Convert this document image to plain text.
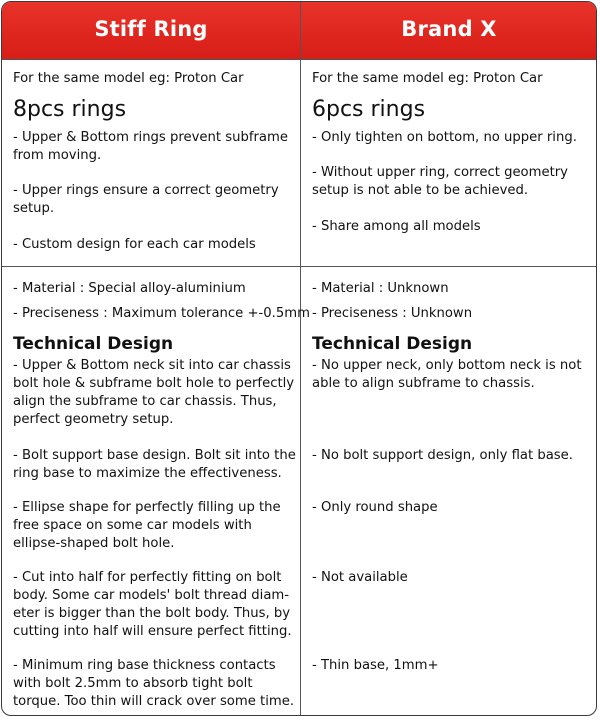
Stiff Ring	Brand X
For the same model eg: Proton Car
8pcs rings
- Upper & Bottom rings prevent subframe
from moving.
- Upper rings ensure a correct geometry
setup.
- Custom design for each car models
For the same model eg: Proton Car
6pcs rings
- Only tighten on bottom, no upper ring.
- Without upper ring, correct geometry
setup is not able to be achieved.
- Share among all models
- Material : Special alloy-aluminium
- Preciseness : Maximum tolerance +-0.5mm
Technical Design
- Upper & Bottom neck sit into car chassis
bolt hole & subframe bolt hole to perfectly
align the subframe to car chassis. Thus,
perfect geometry setup.
- Bolt support base design. Bolt sit into the
ring base to maximize the effectiveness.
- Ellipse shape for perfectly filling up the
free space on some car models with
ellipse-shaped bolt hole.
- Cut into half for perfectly fitting on bolt
body. Some car models' bolt thread diam-
eter is bigger than the bolt body. Thus, by
cutting into half will ensure perfect fitting.
- Minimum ring base thickness contacts
with bolt 2.5mm to absorb tight bolt
torque. Too thin will crack over some time.
- Material : Unknown
- Preciseness : Unknown
Technical Design
- No upper neck, only bottom neck is not
able to align subframe to chassis.
- No bolt support design, only flat base.
- Only round shape
- Not available
- Thin base, 1mm+
